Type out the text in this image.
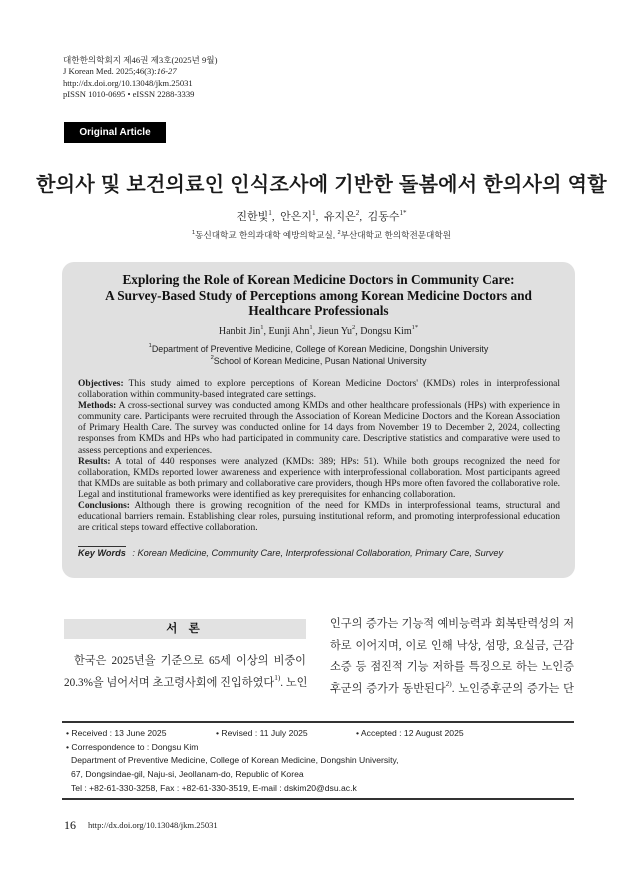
대한한의학회지 제46권 제3호(2025년 9월)
J Korean Med. 2025;46(3):16-27
http://dx.doi.org/10.13048/jkm.25031
pISSN 1010-0695 • eISSN 2288-3339
Original Article
한의사 및 보건의료인 인식조사에 기반한 돌봄에서 한의사의 역할
진한빛$^1$,  안은지$^1$,  유지은$^2$,  김동수$^{1*}$
$^1$동신대학교 한의과대학 예방의학교실, $^2$부산대학교 한의학전문대학원
Exploring the Role of Korean Medicine Doctors in Community Care:
A Survey-Based Study of Perceptions among Korean Medicine Doctors and
Healthcare Professionals
Hanbit Jin$^1$, Eunji Ahn$^1$, Jieun Yu$^2$, Dongsu Kim$^{1*}$
$^1$Department of Preventive Medicine, College of Korean Medicine, Dongshin University
$^2$School of Korean Medicine, Pusan National University

Objectives: This study aimed to explore perceptions of Korean Medicine Doctors' (KMDs) roles in interprofessional collaboration within community-based integrated care settings.

Methods: A cross-sectional survey was conducted among KMDs and other healthcare professionals (HPs) with experience in community care. Participants were recruited through the Association of Korean Medicine Doctors and the Korean Association of Primary Health Care. The survey was conducted online for 14 days from November 19 to December 2, 2024, collecting responses from KMDs and HPs who had participated in community care. Descriptive statistics and comparative were used to assess perceptions and experiences.

Results: A total of 440 responses were analyzed (KMDs: 389; HPs: 51). While both groups recognized the need for collaboration, KMDs reported lower awareness and experience with interprofessional collaboration. Most participants agreed that KMDs are suitable as both primary and collaborative care providers, though HPs more often favored the collaborative role. Legal and institutional frameworks were identified as key prerequisites for enhancing collaboration.

Conclusions: Although there is growing recognition of the need for KMDs in interprofessional teams, structural and educational barriers remain. Establishing clear roles, pursuing institutional reform, and promoting interprofessional education are critical steps toward effective collaboration.

Key Words : Korean Medicine, Community Care, Interprofessional Collaboration, Primary Care, Survey
서 론
한국은 2025년을 기준으로 65세 이상의 비중이
20.3%을 넘어서며 초고령사회에 진입하였다$^{1)}$. 노인
인구의 증가는 기능적 예비능력과 회복탄력성의 저
하로 이어지며, 이로 인해 낙상, 섬망, 요실금, 근감
소증 등 점진적 기능 저하를 특징으로 하는 노인증
후군의 증가가 동반된다$^{2)}$. 노인증후군의 증가는 단
• Received : 13 June 2025	• Revised : 11 July 2025	• Accepted : 12 August 2025
• Correspondence to : Dongsu Kim
Department of Preventive Medicine, College of Korean Medicine, Dongshin University,
67, Dongsindae-gil, Naju-si, Jeollanam-do, Republic of Korea
Tel : +82-61-330-3258, Fax : +82-61-330-3519, E-mail : dskim20@dsu.ac.k
16 http://dx.doi.org/10.13048/jkm.25031
